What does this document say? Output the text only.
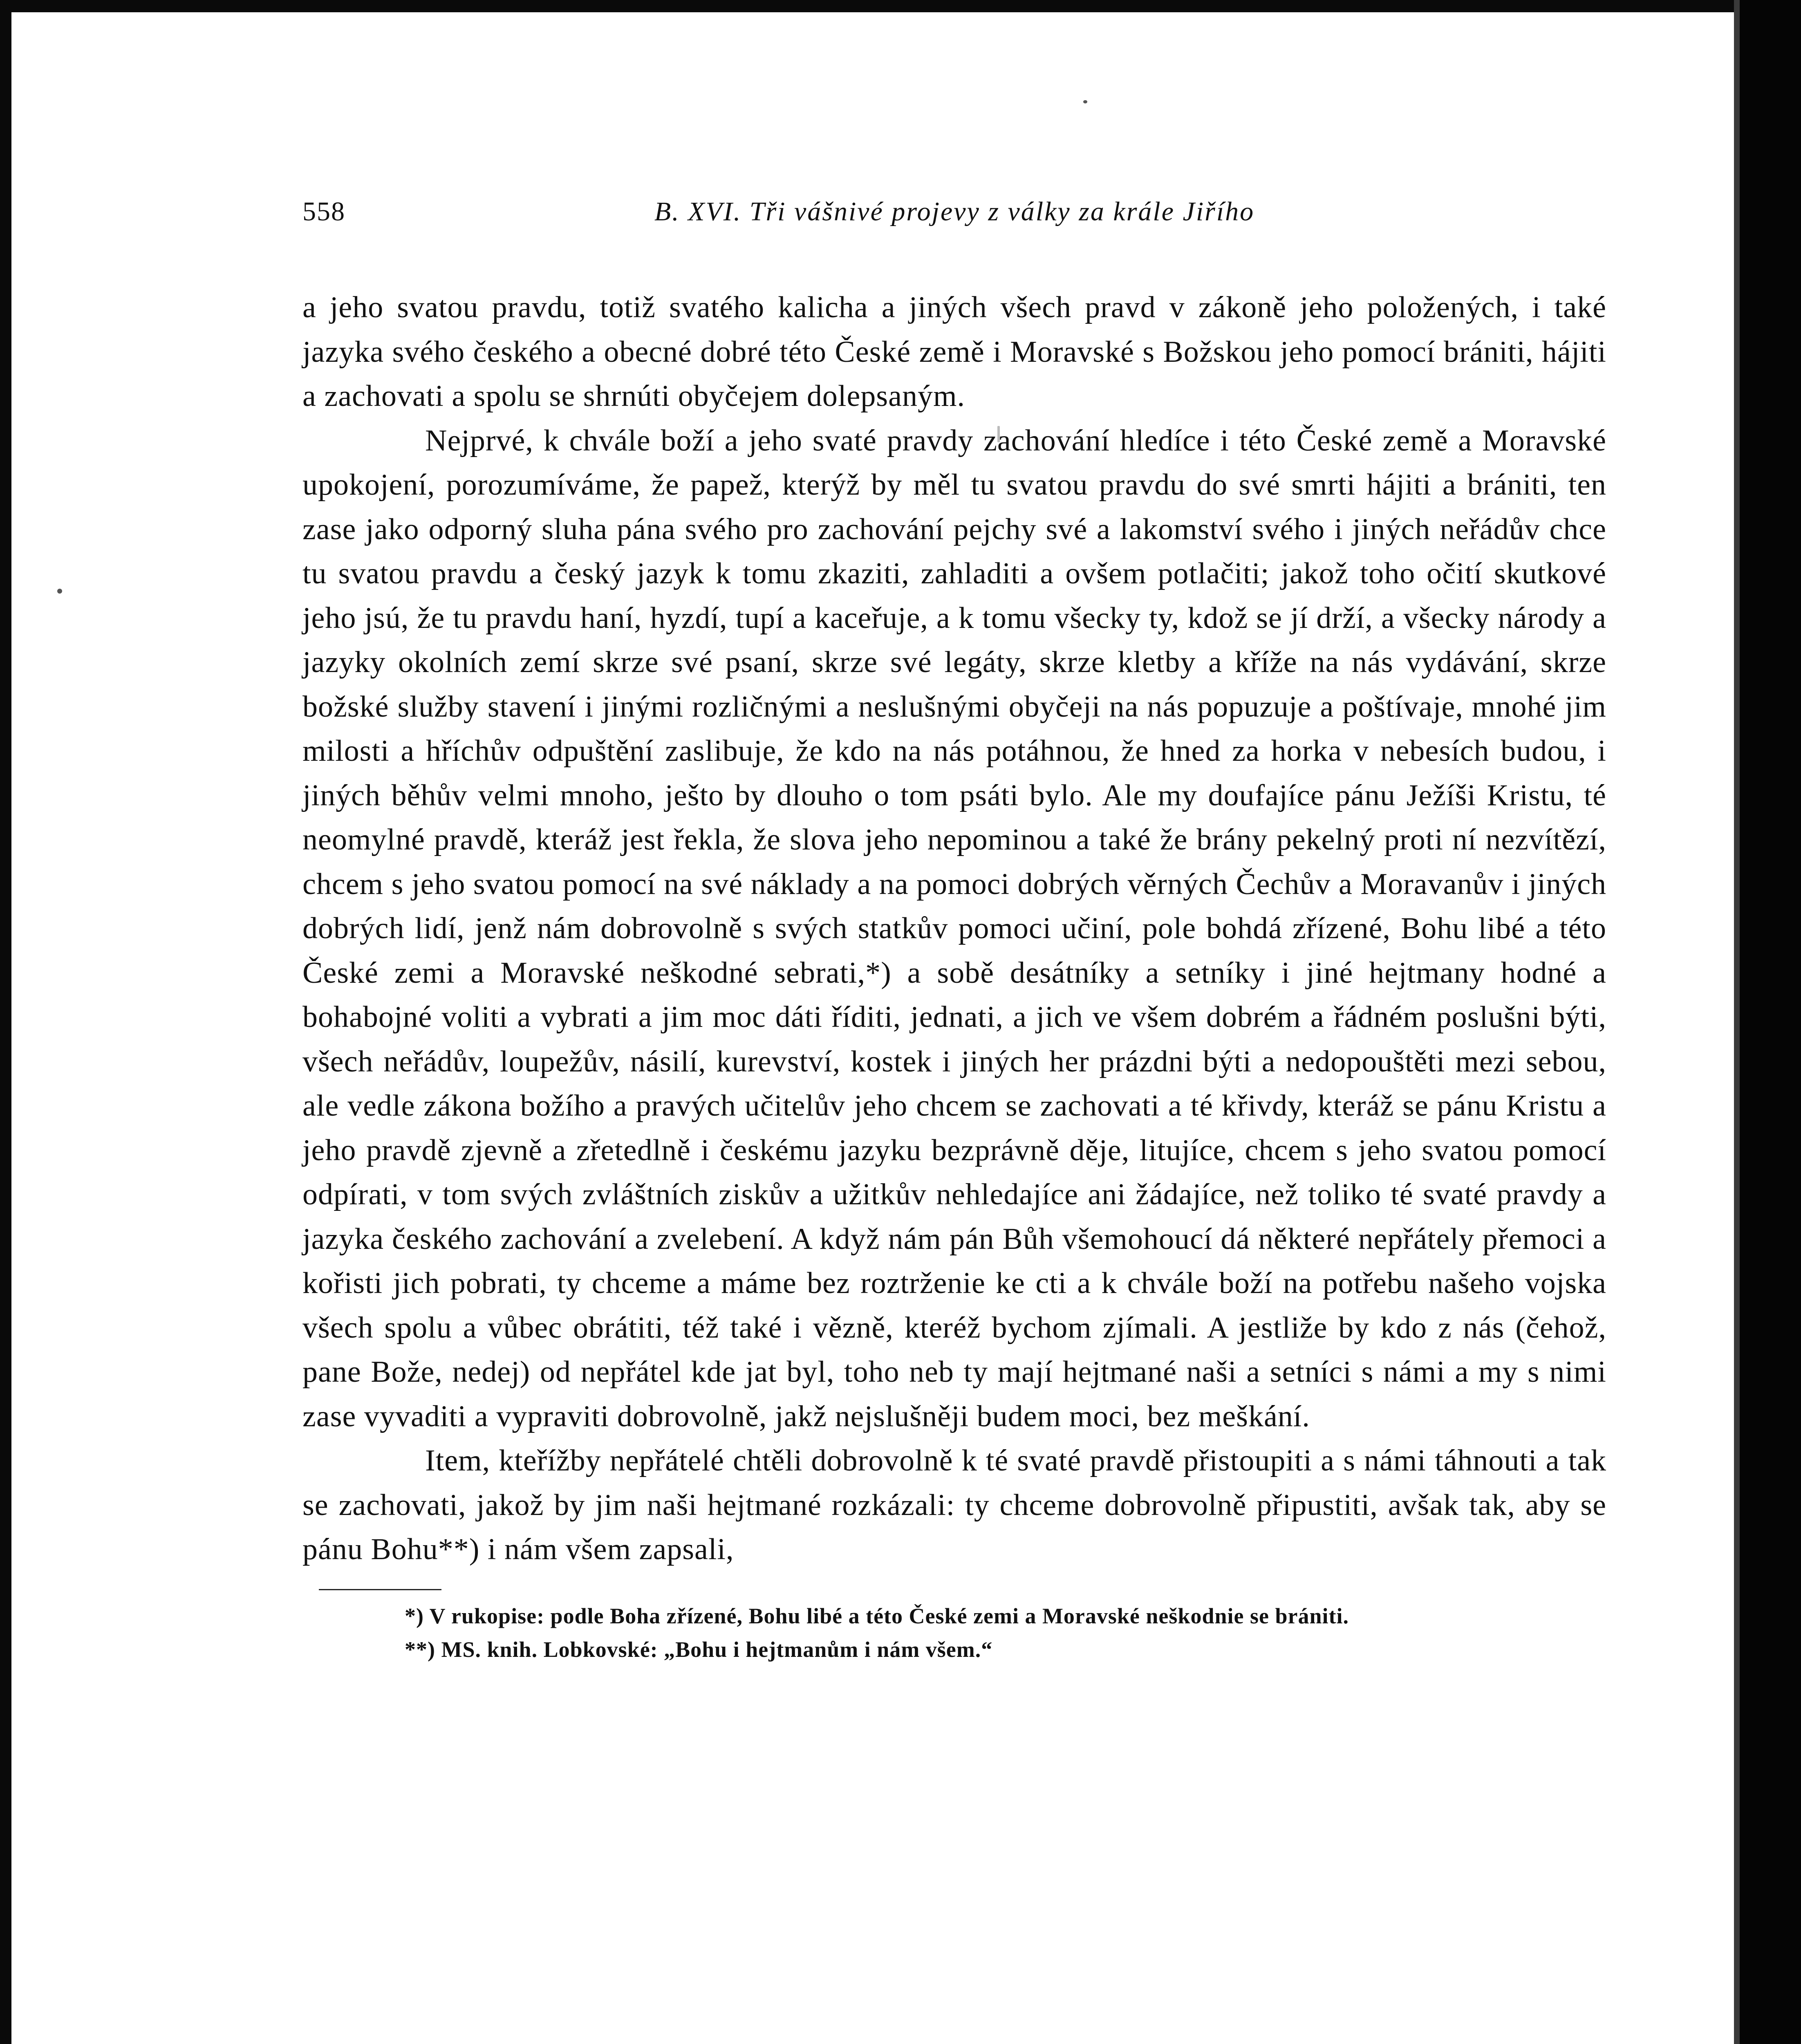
558	B. XVI. Tři vášnivé projevy z války za krále Jiřího

a jeho svatou pravdu, totiž svatého kalicha a jiných všech pravd v zákoně jeho položených, i také jazyka svého českého a obecné dobré této České země i Moravské s Božskou jeho pomocí brániti, hájiti a zachovati a spolu se shrnúti obyčejem dolepsaným.

Nejprvé, k chvále boží a jeho svaté pravdy zachování hledíce i této České země a Moravské upokojení, porozumíváme, že papež, kterýž by měl tu svatou pravdu do své smrti hájiti a brániti, ten zase jako odporný sluha pána svého pro zachování pejchy své a lakomství svého i jiných neřádův chce tu svatou pravdu a český jazyk k tomu zkaziti, zahladiti a ovšem potlačiti; jakož toho očití skutkové jeho jsú, že tu pravdu haní, hyzdí, tupí a kaceřuje, a k tomu všecky ty, kdož se jí drží, a všecky národy a jazyky okolních zemí skrze své psaní, skrze své legáty, skrze kletby a kříže na nás vydávání, skrze božské služby stavení i jinými rozličnými a neslušnými obyčeji na nás popuzuje a poštívaje, mnohé jim milosti a hříchův odpuštění zaslibuje, že kdo na nás potáhnou, že hned za horka v nebesích budou, i jiných běhův velmi mnoho, ješto by dlouho o tom psáti bylo. Ale my doufajíce pánu Ježíši Kristu, té neomylné pravdě, kteráž jest řekla, že slova jeho nepominou a také že brány pekelný proti ní nezvítězí, chcem s jeho svatou pomocí na své náklady a na pomoci dobrých věrných Čechův a Moravanův i jiných dobrých lidí, jenž nám dobrovolně s svých statkův pomoci učiní, pole bohdá zřízené, Bohu libé a této České zemi a Moravské neškodné sebrati,*) a sobě desátníky a setníky i jiné hejtmany hodné a bohabojné voliti a vybrati a jim moc dáti říditi, jednati, a jich ve všem dobrém a řádném poslušni býti, všech neřádův, loupežův, násilí, kurevství, kostek i jiných her prázdni býti a nedopouštěti mezi sebou, ale vedle zákona božího a pravých učitelův jeho chcem se zachovati a té křivdy, kteráž se pánu Kristu a jeho pravdě zjevně a zřetedlně i českému jazyku bezprávně děje, litujíce, chcem s jeho svatou pomocí odpírati, v tom svých zvláštních ziskův a užitkův nehledajíce ani žádajíce, než toliko té svaté pravdy a jazyka českého zachování a zvelebení. A když nám pán Bůh všemohoucí dá některé nepřátely přemoci a kořisti jich pobrati, ty chceme a máme bez roztrženie ke cti a k chvále boží na potřebu našeho vojska všech spolu a vůbec obrátiti, též také i vězně, kteréž bychom zjímali. A jestliže by kdo z nás (čehož, pane Bože, nedej) od nepřátel kde jat byl, toho neb ty mají hejtmané naši a setníci s námi a my s nimi zase vyvaditi a vypraviti dobrovolně, jakž nejslušněji budem moci, bez meškání.

Item, kteřížby nepřátelé chtěli dobrovolně k té svaté pravdě přistoupiti a s námi táhnouti a tak se zachovati, jakož by jim naši hejtmané rozkázali: ty chceme dobrovolně připustiti, avšak tak, aby se pánu Bohu**) i nám všem zapsali,

*) V rukopise: podle Boha zřízené, Bohu libé a této České zemi a Moravské neškodnie se brániti.

**) MS. knih. Lobkovské: „Bohu i hejtmanům i nám všem.“
